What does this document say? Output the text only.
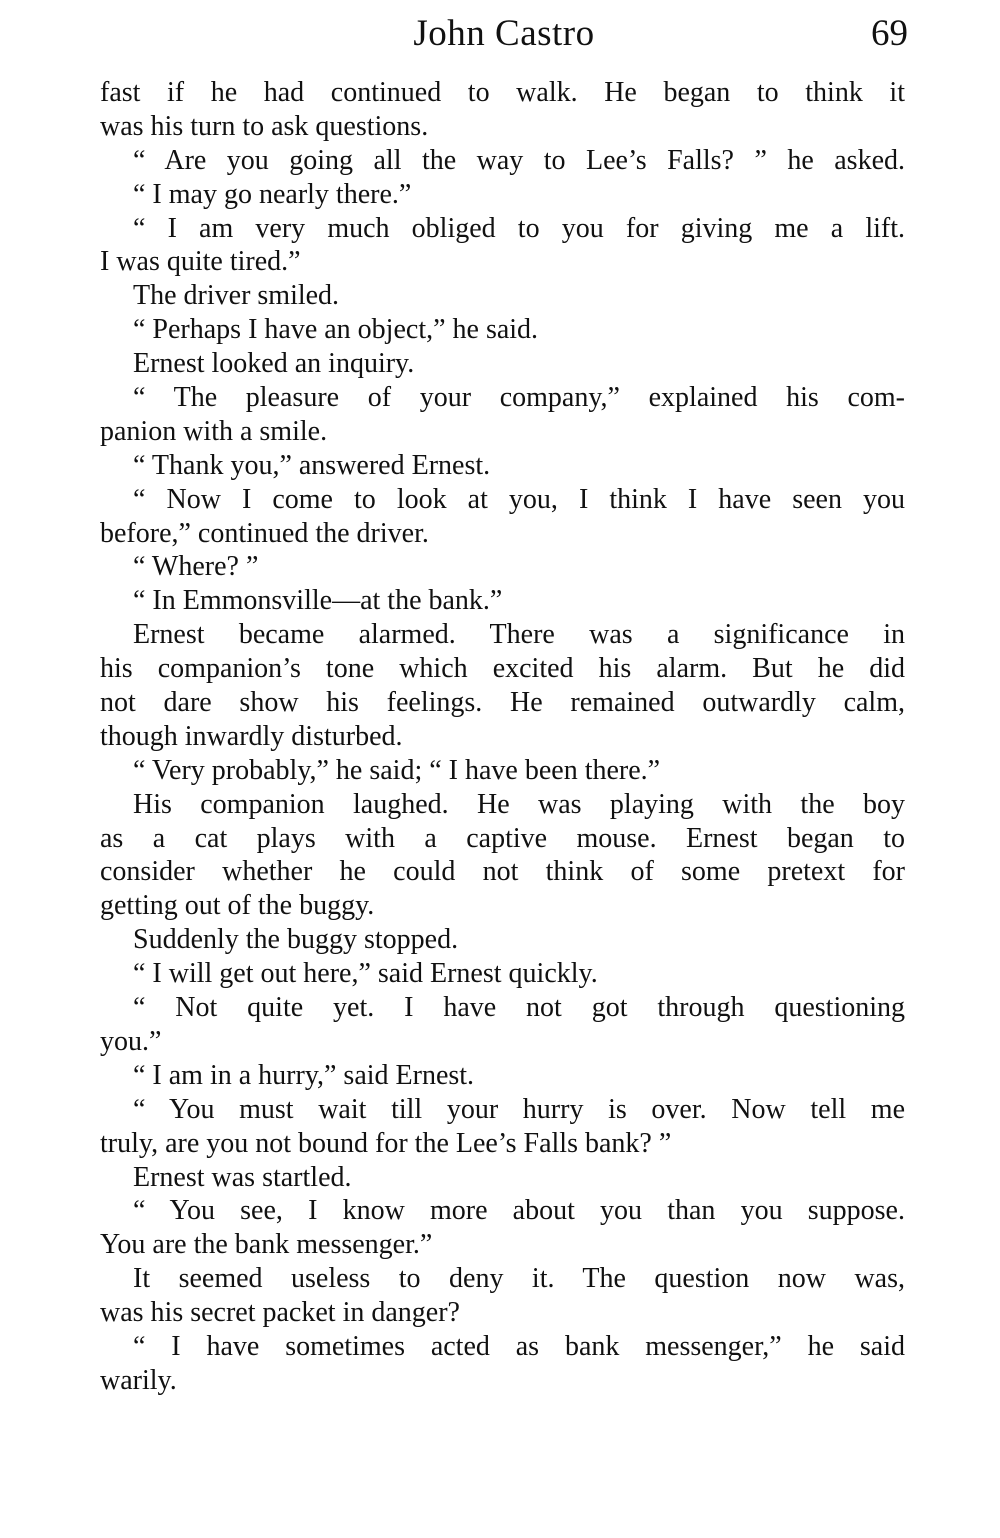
John Castro	69
fast if he had continued to walk. He began to think it
was his turn to ask questions.
“ Are you going all the way to Lee’s Falls? ” he asked.
“ I may go nearly there.”
“ I am very much obliged to you for giving me a lift.
I was quite tired.”
The driver smiled.
“ Perhaps I have an object,” he said.
Ernest looked an inquiry.
“ The pleasure of your company,” explained his com-
panion with a smile.
“ Thank you,” answered Ernest.
“ Now I come to look at you, I think I have seen you
before,” continued the driver.
“ Where? ”
“ In Emmonsville—at the bank.”
Ernest became alarmed. There was a significance in
his companion’s tone which excited his alarm. But he did
not dare show his feelings. He remained outwardly calm,
though inwardly disturbed.
“ Very probably,” he said; “ I have been there.”
His companion laughed. He was playing with the boy
as a cat plays with a captive mouse. Ernest began to
consider whether he could not think of some pretext for
getting out of the buggy.
Suddenly the buggy stopped.
“ I will get out here,” said Ernest quickly.
“ Not quite yet. I have not got through questioning
you.”
“ I am in a hurry,” said Ernest.
“ You must wait till your hurry is over. Now tell me
truly, are you not bound for the Lee’s Falls bank? ”
Ernest was startled.
“ You see, I know more about you than you suppose.
You are the bank messenger.”
It seemed useless to deny it. The question now was,
was his secret packet in danger?
“ I have sometimes acted as bank messenger,” he said
warily.
